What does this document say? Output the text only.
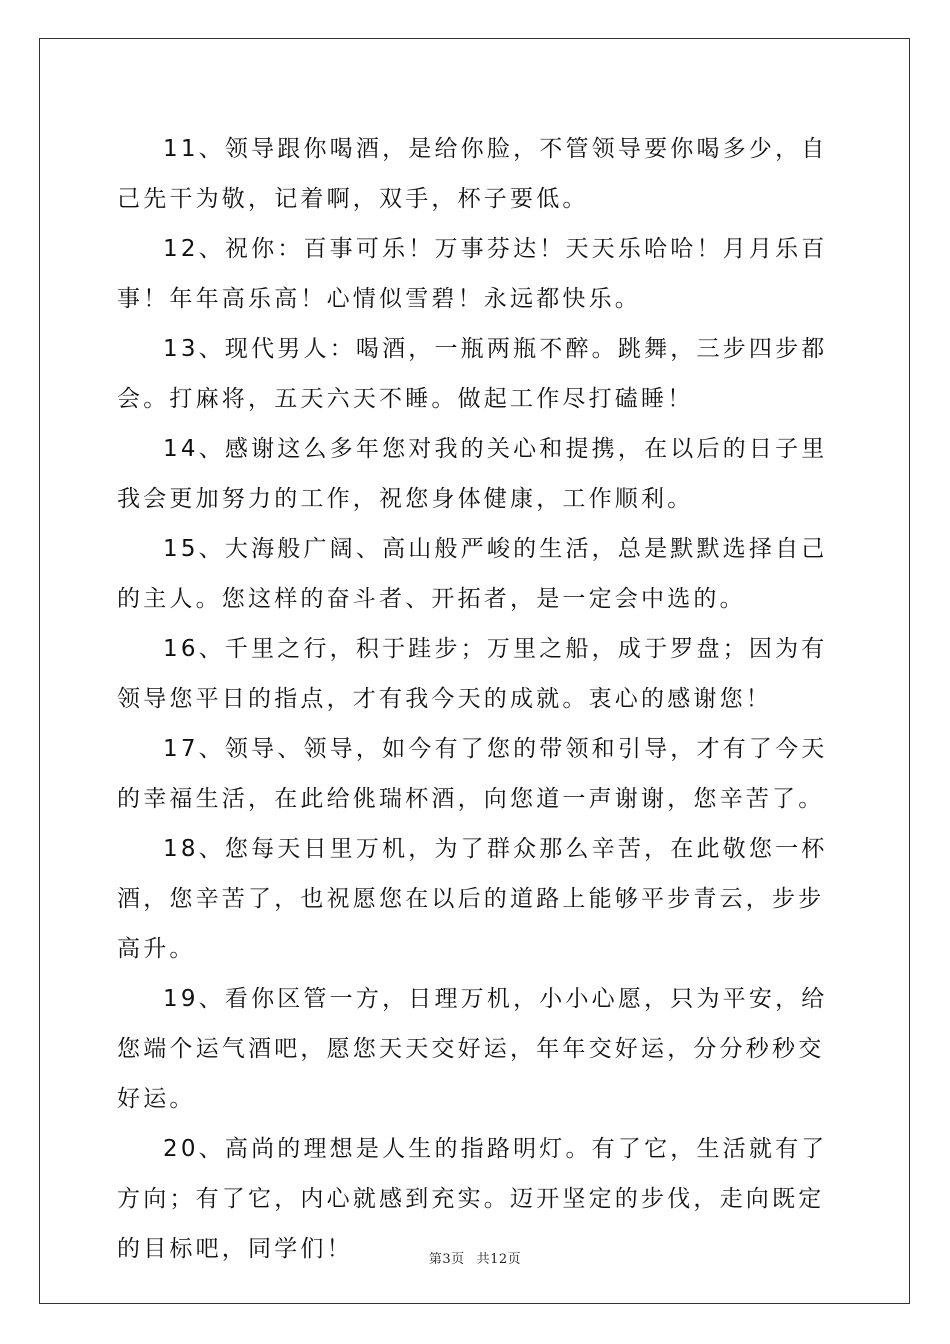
11、领导跟你喝酒，是给你脸，不管领导要你喝多少，自己先干为敬，记着啊，双手，杯子要低。

12、祝你：百事可乐！万事芬达！天天乐哈哈！月月乐百事！年年高乐高！心情似雪碧！永远都快乐。

13、现代男人：喝酒，一瓶两瓶不醉。跳舞，三步四步都会。打麻将，五天六天不睡。做起工作尽打磕睡！

14、感谢这么多年您对我的关心和提携，在以后的日子里我会更加努力的工作，祝您身体健康，工作顺利。

15、大海般广阔、高山般严峻的生活，总是默默选择自己的主人。您这样的奋斗者、开拓者，是一定会中选的。

16、千里之行，积于跬步；万里之船，成于罗盘；因为有领导您平日的指点，才有我今天的成就。衷心的感谢您！

17、领导、领导，如今有了您的带领和引导，才有了今天的幸福生活，在此给佻瑞杯酒，向您道一声谢谢，您辛苦了。

18、您每天日里万机，为了群众那么辛苦，在此敬您一杯酒，您辛苦了，也祝愿您在以后的道路上能够平步青云，步步高升。

19、看你区管一方，日理万机，小小心愿，只为平安，给您端个运气酒吧，愿您天天交好运，年年交好运，分分秒秒交好运。

20、高尚的理想是人生的指路明灯。有了它，生活就有了方向；有了它，内心就感到充实。迈开坚定的步伐，走向既定的目标吧，同学们！	第3页 共12页
